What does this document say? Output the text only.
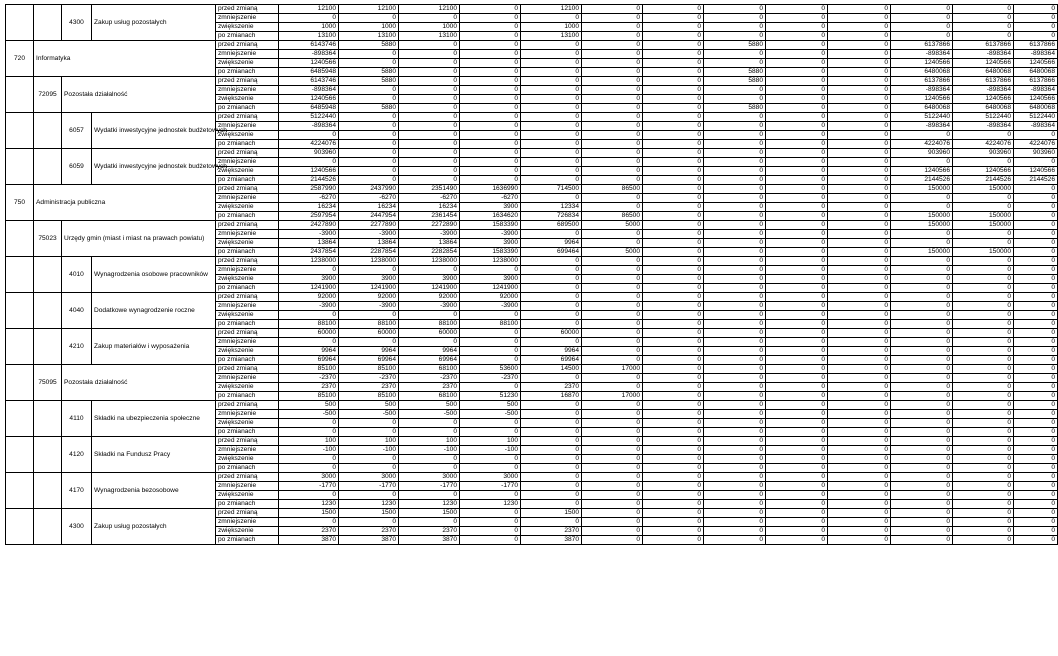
		4300	Zakup usług pozostałych	przed zmianą	12100	12100	12100	0	12100	0	0	0	0	0	0	0	0	
				zmniejszenie	0	0	0	0	0	0	0	0	0	0	0	0	0	
				zwiększenie	1000	1000	1000	0	1000	0	0	0	0	0	0	0	0	
				po zmianach	13100	13100	13100	0	13100	0	0	0	0	0	0	0	0	
720	Informatyka			przed zmianą	6143746	5880	0	0	0	0	0	5880	0	0	6137866	6137866	6137866	
				zmniejszenie	-898364	0	0	0	0	0	0	0	0	0	-898364	-898364	-898364	
				zwiększenie	1240566	0	0	0	0	0	0	0	0	0	1240566	1240566	1240566	
				po zmianach	6485948	5880	0	0	0	0	0	5880	0	0	6480068	6480068	6480068	
	72095	Pozostała działalność		przed zmianą	6143746	5880	0	0	0	0	0	5880	0	0	6137866	6137866	6137866	
				zmniejszenie	-898364	0	0	0	0	0	0	0	0	0	-898364	-898364	-898364	
				zwiększenie	1240566	0	0	0	0	0	0	0	0	0	1240566	1240566	1240566	
				po zmianach	6485948	5880	0	0	0	0	0	5880	0	0	6480068	6480068	6480068	
		6057	Wydatki inwestycyjne jednostek budżetowych	przed zmianą	5122440	0	0	0	0	0	0	0	0	0	5122440	5122440	5122440	
				zmniejszenie	-898364	0	0	0	0	0	0	0	0	0	-898364	-898364	-898364	
				zwiększenie	0	0	0	0	0	0	0	0	0	0	0	0	0	
				po zmianach	4224076	0	0	0	0	0	0	0	0	0	4224076	4224076	4224076	
		6059	Wydatki inwestycyjne jednostek budżetowych	przed zmianą	903960	0	0	0	0	0	0	0	0	0	903960	903960	903960	
				zmniejszenie	0	0	0	0	0	0	0	0	0	0	0	0	0	
				zwiększenie	1240566	0	0	0	0	0	0	0	0	0	1240566	1240566	1240566	
				po zmianach	2144526	0	0	0	0	0	0	0	0	0	2144526	2144526	2144526	
750	Administracja publiczna			przed zmianą	2587990	2437990	2351490	1636990	714500	86500	0	0	0	0	150000	150000	0	
				zmniejszenie	-6270	-6270	-6270	-6270	0	0	0	0	0	0	0	0	0	
				zwiększenie	16234	16234	16234	3900	12334	0	0	0	0	0	0	0	0	
				po zmianach	2597954	2447954	2361454	1634620	726834	86500	0	0	0	0	150000	150000	0	
	75023	Urzędy gmin (miast i miast na prawach powiatu)		przed zmianą	2427890	2277890	2272890	1583390	689500	5000	0	0	0	0	150000	150000	0	
				zmniejszenie	-3900	-3900	-3900	-3900	0	0	0	0	0	0	0	0	0	
				zwiększenie	13864	13864	13864	3900	9964	0	0	0	0	0	0	0	0	
				po zmianach	2437854	2287854	2282854	1583390	699464	5000	0	0	0	0	150000	150000	0	
		4010	Wynagrodzenia osobowe pracowników	przed zmianą	1238000	1238000	1238000	1238000	0	0	0	0	0	0	0	0	0	
				zmniejszenie	0	0	0	0	0	0	0	0	0	0	0	0	0	
				zwiększenie	3900	3900	3900	3900	0	0	0	0	0	0	0	0	0	
				po zmianach	1241900	1241900	1241900	1241900	0	0	0	0	0	0	0	0	0	
		4040	Dodatkowe wynagrodzenie roczne	przed zmianą	92000	92000	92000	92000	0	0	0	0	0	0	0	0	0	
				zmniejszenie	-3900	-3900	-3900	-3900	0	0	0	0	0	0	0	0	0	
				zwiększenie	0	0	0	0	0	0	0	0	0	0	0	0	0	
				po zmianach	88100	88100	88100	88100	0	0	0	0	0	0	0	0	0	
		4210	Zakup materiałów i wyposażenia	przed zmianą	60000	60000	60000	0	60000	0	0	0	0	0	0	0	0	
				zmniejszenie	0	0	0	0	0	0	0	0	0	0	0	0	0	
				zwiększenie	9964	9964	9964	0	9964	0	0	0	0	0	0	0	0	
				po zmianach	69964	69964	69964	0	69964	0	0	0	0	0	0	0	0	
	75095	Pozostała działalność		przed zmianą	85100	85100	68100	53600	14500	17000	0	0	0	0	0	0	0	
				zmniejszenie	-2370	-2370	-2370	-2370	0	0	0	0	0	0	0	0	0	
				zwiększenie	2370	2370	2370	0	2370	0	0	0	0	0	0	0	0	
				po zmianach	85100	85100	68100	51230	16870	17000	0	0	0	0	0	0	0	
		4110	Składki na ubezpieczenia społeczne	przed zmianą	500	500	500	500	0	0	0	0	0	0	0	0	0	
				zmniejszenie	-500	-500	-500	-500	0	0	0	0	0	0	0	0	0	
				zwiększenie	0	0	0	0	0	0	0	0	0	0	0	0	0	
				po zmianach	0	0	0	0	0	0	0	0	0	0	0	0	0	
		4120	Składki na Fundusz Pracy	przed zmianą	100	100	100	100	0	0	0	0	0	0	0	0	0	
				zmniejszenie	-100	-100	-100	-100	0	0	0	0	0	0	0	0	0	
				zwiększenie	0	0	0	0	0	0	0	0	0	0	0	0	0	
				po zmianach	0	0	0	0	0	0	0	0	0	0	0	0	0	
		4170	Wynagrodzenia bezosobowe	przed zmianą	3000	3000	3000	3000	0	0	0	0	0	0	0	0	0	
				zmniejszenie	-1770	-1770	-1770	-1770	0	0	0	0	0	0	0	0	0	
				zwiększenie	0	0	0	0	0	0	0	0	0	0	0	0	0	
				po zmianach	1230	1230	1230	1230	0	0	0	0	0	0	0	0	0	
		4300	Zakup usług pozostałych	przed zmianą	1500	1500	1500	0	1500	0	0	0	0	0	0	0	0	
				zmniejszenie	0	0	0	0	0	0	0	0	0	0	0	0	0	
				zwiększenie	2370	2370	2370	0	2370	0	0	0	0	0	0	0	0	
				po zmianach	3870	3870	3870	0	3870	0	0	0	0	0	0	0	0	
